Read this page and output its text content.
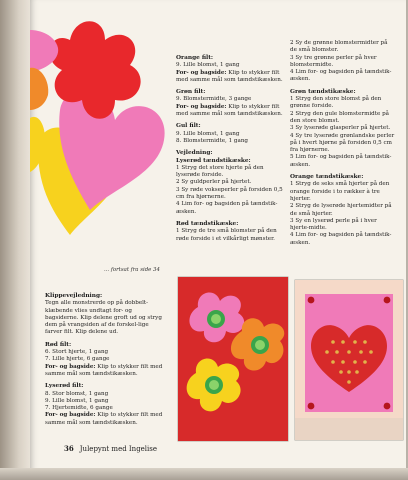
... fortsat fra side 34

Klippevejledning:
Tegn alle monstrerde op på dobbelt-klæbende vlies undtagt for- og bagsiderne. Klip delene groft ud og stryg dem på vrangsiden af de forskel-lige farver filt. Klip delene ud.

Rød filt:
6. Stort hjerte, 1 gang
7. Lille hjerte, 6 gange
For- og bagside: Klip to stykker filt med samme mål som tændstikæsken.

Lyserød filt:
8. Stor blomst, 1 gang
9. Lille blomst, 1 gang
7. Hjertemidte, 6 gange
For- og bagside: Klip to stykker filt med samme mål som tændstikæsken.

Orange filt:
9. Lille blomst, 1 gang
For- og bagside: Klip to stykker filt med samme mål som tændstikæsken.

Grøn filt:
9. Blomstermidte, 3 gange
For- og bagside: Klip to stykker filt med samme mål som tændstikæsken.

Gul filt:
9. Lille blomst, 1 gang
8. Blomstermidte, 1 gang

Vejledning:
Lyserød tændstikæske:
1 Stryg det store hjerte på den lyserøde forside.
2 Sy guldperler på hjertet.
3 Sy røde vokseperler på forsiden 0,5 cm fra hjørnerne.
4 Lim for- og bagsiden på tændstik-æsken.

Rød tændstikæske:
1 Stryg de tre små blomster på den røde forside i et vilkårligt mønster.

2 Sy de grønne blomstermidter på de små blomster.
3 Sy tre grønne perler på hver blomstermidte.
4 Lim for- og bagsiden på tændstik-æsken.

Grøn tændstikæske:
1 Stryg den store blomst på den grønne forside.
2 Stryg den gule blomstermidte på den store blomst.
3 Sy lyserøde glasperler på hjertet.
4 Sy tre lyserøde grønlandske perler på i hvert hjørne på forsiden 0,5 cm fra hjørnerne.
5 Lim for- og bagsiden på tændstik-æsken.

Orange tændstikæske:
1 Stryg de seks små hjerter på den orange forside i to rækker à tre hjerter.
2 Stryg de lyserøde hjertemidter på de små hjerter.
3 Sy en lyserød perle på i hver hjerte-midte.
4 Lim for- og bagsiden på tændstik-æsken.

36 Julepynt med Ingelise
